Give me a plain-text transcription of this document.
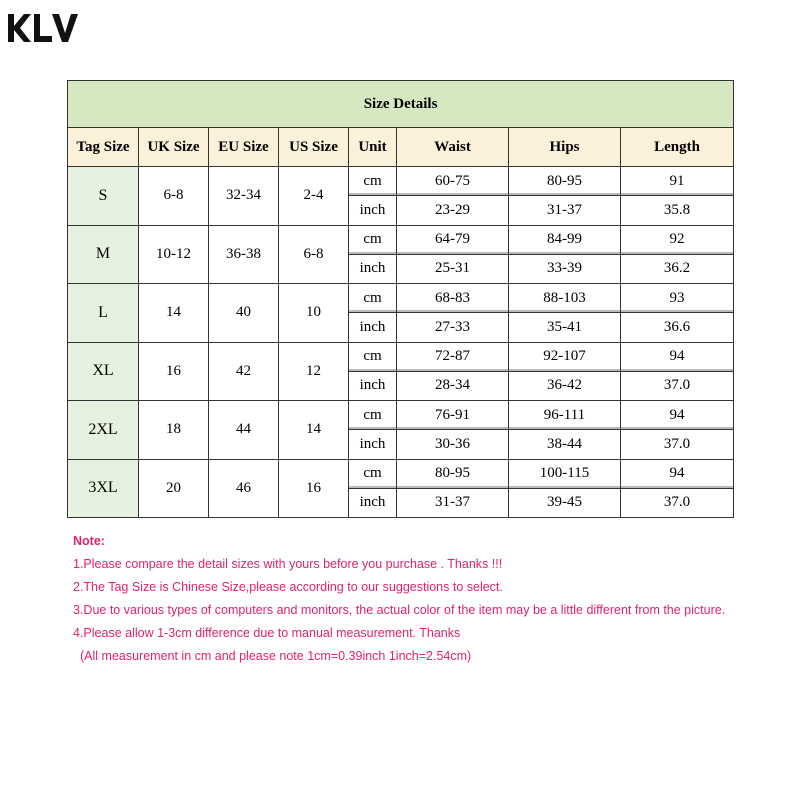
Size Details							
Tag Size	UK Size	EU Size	US Size	Unit	Waist	Hips	Length
S	6-8	32-34	2-4	cm	60-75	80-95	91
				inch	23-29	31-37	35.8
M	10-12	36-38	6-8	cm	64-79	84-99	92
				inch	25-31	33-39	36.2
L	14	40	10	cm	68-83	88-103	93
				inch	27-33	35-41	36.6
XL	16	42	12	cm	72-87	92-107	94
				inch	28-34	36-42	37.0
2XL	18	44	14	cm	76-91	96-111	94
				inch	30-36	38-44	37.0
3XL	20	46	16	cm	80-95	100-115	94
				inch	31-37	39-45	37.0
Note:
1.Please compare the detail sizes with yours before you purchase . Thanks !!!
2.The Tag Size is Chinese Size,please according to our suggestions to select.
3.Due to various types of computers and monitors, the actual color of the item may be a little different from the picture.
4.Please allow 1-3cm difference due to manual measurement. Thanks
(All measurement in cm and please note 1cm=0.39inch 1inch=2.54cm)
